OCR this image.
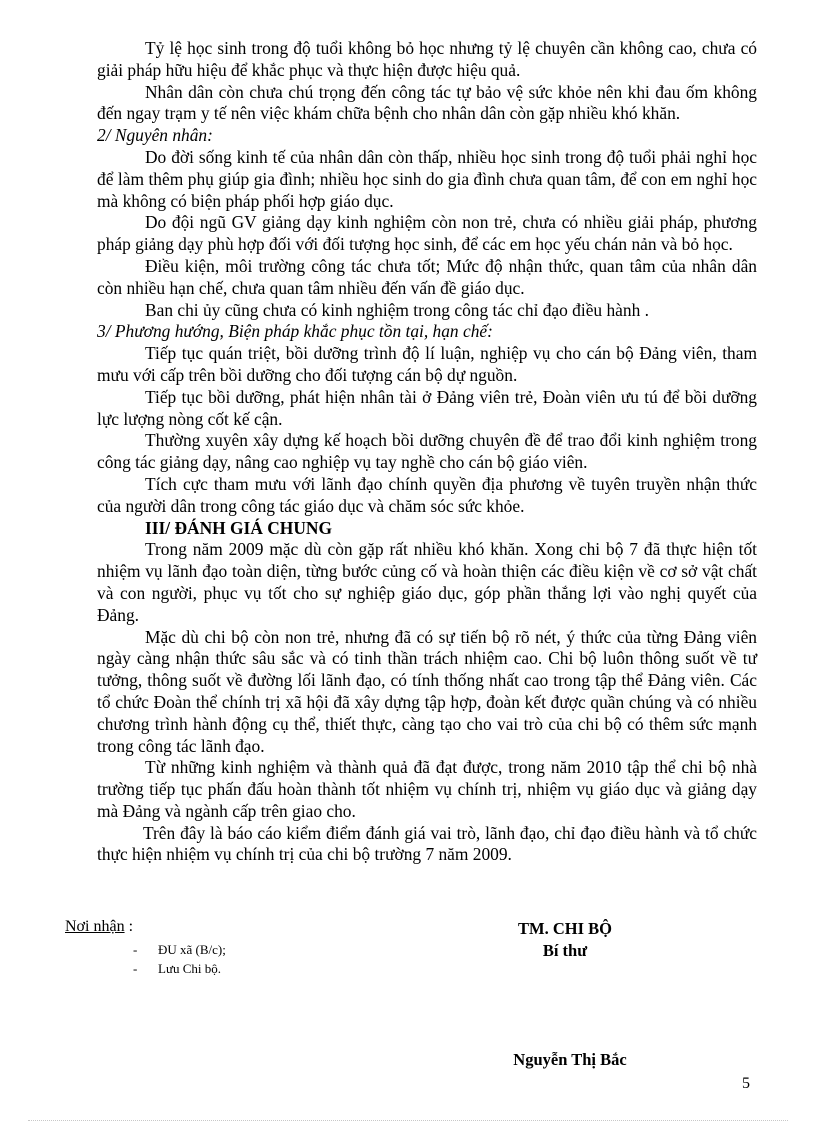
Tỷ lệ học sinh trong độ tuổi không bỏ học nhưng tỷ lệ chuyên cần không cao, chưa có giải pháp hữu hiệu để khắc phục và thực hiện được hiệu quả.

Nhân dân còn chưa chú trọng đến công tác tự bảo vệ sức khỏe nên khi đau ốm không đến ngay trạm y tế nên việc khám chữa bệnh cho nhân dân còn gặp nhiều khó khăn.

2/ Nguyên nhân:

Do đời sống kinh tế của nhân dân còn thấp, nhiều học sinh trong độ tuổi phải nghỉ học để làm thêm phụ giúp gia đình; nhiều học sinh do gia đình chưa quan tâm, để con em nghỉ học mà không có biện pháp phối hợp giáo dục.

Do đội ngũ GV giảng dạy kinh nghiệm còn non trẻ, chưa có nhiều giải pháp, phương pháp giảng dạy phù hợp đối với đối tượng học sinh, để các em học yếu chán nản và bỏ học.

Điều kiện, môi trường công tác chưa tốt; Mức độ nhận thức, quan tâm của nhân dân còn nhiều hạn chế, chưa quan tâm nhiều đến vấn đề giáo dục.

Ban chi ủy cũng chưa có kinh nghiệm trong công tác chỉ đạo điều hành .

3/ Phương hướng, Biện pháp khắc phục tồn tại, hạn chế:

Tiếp tục quán triệt, bồi dưỡng trình độ lí luận, nghiệp vụ cho cán bộ Đảng viên, tham mưu với cấp trên bồi dưỡng cho đối tượng cán bộ dự nguồn.

Tiếp tục bồi dưỡng, phát hiện nhân tài ở Đảng viên trẻ, Đoàn viên ưu tú để bồi dưỡng lực lượng nòng cốt kế cận.

Thường xuyên xây dựng kế hoạch bồi dưỡng chuyên đề để trao đổi kinh nghiệm trong công tác giảng dạy, nâng cao nghiệp vụ tay nghề cho cán bộ giáo viên.

Tích cực tham mưu với lãnh đạo chính quyền địa phương về tuyên truyền nhận thức của người dân trong công tác giáo dục và chăm sóc sức khỏe.

III/ ĐÁNH GIÁ CHUNG

Trong năm 2009 mặc dù còn gặp rất nhiều khó khăn. Xong chi bộ 7 đã thực hiện tốt nhiệm vụ lãnh đạo toàn diện, từng bước củng cố và hoàn thiện các điều kiện về cơ sở vật chất và con người, phục vụ tốt cho sự nghiệp giáo dục, góp phần thắng lợi vào nghị quyết của Đảng.

Mặc dù chi bộ còn non trẻ, nhưng đã có sự tiến bộ rõ nét, ý thức của từng Đảng viên ngày càng nhận thức sâu sắc và có tinh thần trách nhiệm cao. Chi bộ luôn thông suốt về tư tưởng, thông suốt về đường lối lãnh đạo, có tính thống nhất cao trong tập thể Đảng viên. Các tổ chức Đoàn thể chính trị xã hội đã xây dựng tập hợp, đoàn kết được quần chúng và có nhiều chương trình hành động cụ thể, thiết thực, càng tạo cho vai trò của chi bộ có thêm sức mạnh trong công tác lãnh đạo.

Từ những kinh nghiệm và thành quả đã đạt được, trong năm 2010 tập thể chi bộ nhà trường tiếp tục phấn đấu hoàn thành tốt nhiệm vụ chính trị, nhiệm vụ giáo dục và giảng dạy mà Đảng và ngành cấp trên giao cho.

Trên đây là báo cáo kiểm điểm đánh giá vai trò, lãnh đạo, chỉ đạo điều hành và tổ chức thực hiện nhiệm vụ chính trị của chi bộ trường 7 năm 2009.

Nơi nhận :
-	ĐU xã (B/c);
-	Lưu Chi bộ.
TM. CHI BỘ
Bí thư
Nguyễn Thị Bắc
5
